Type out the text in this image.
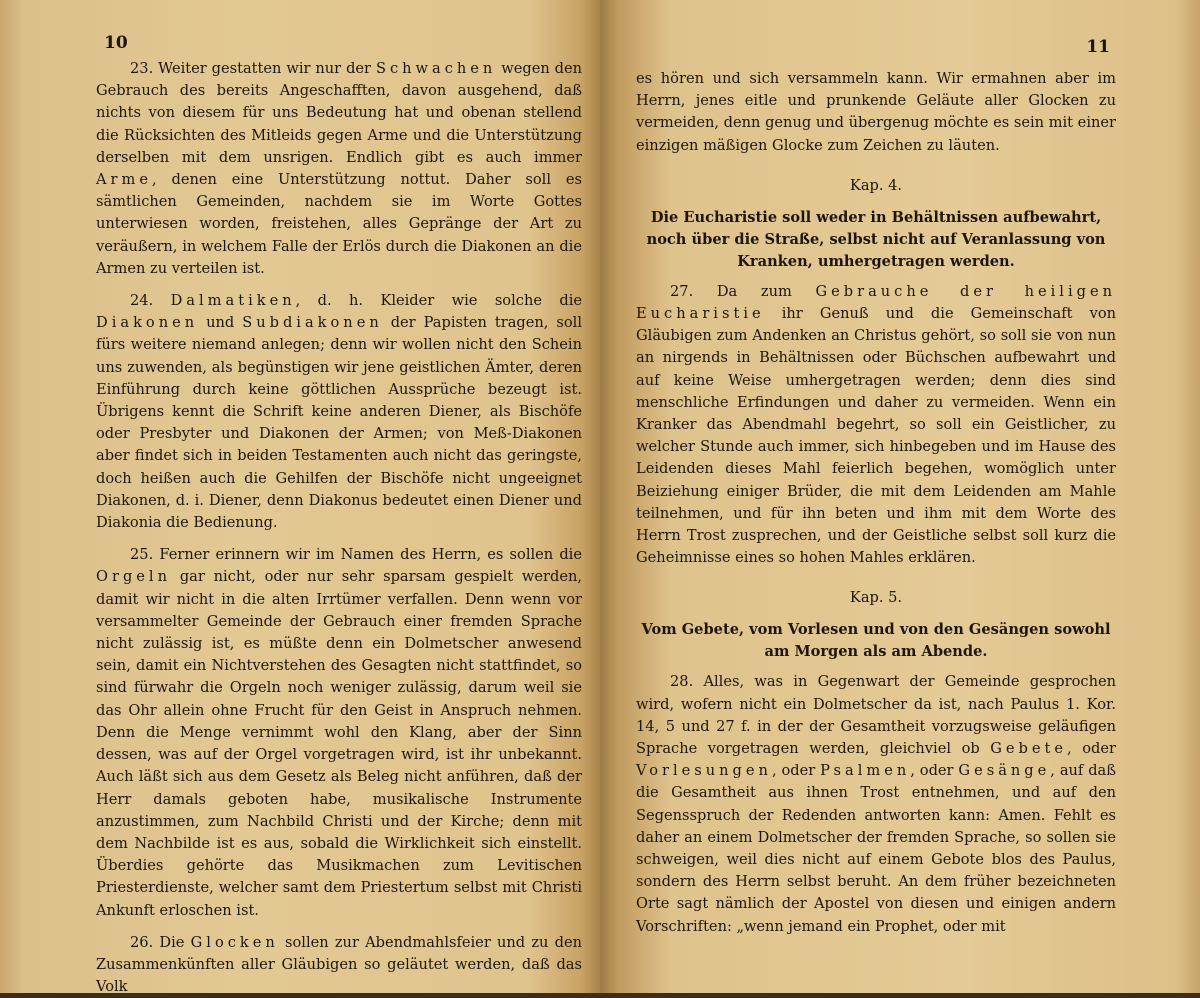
10

23. Weiter gestatten wir nur der Schwachen wegen den Gebrauch des bereits Angeschafften, davon ausgehend, daß nichts von diesem für uns Bedeutung hat und obenan stellend die Rücksichten des Mitleids gegen Arme und die Unterstützung derselben mit dem unsrigen. Endlich gibt es auch immer Arme, denen eine Unterstützung nottut. Daher soll es sämtlichen Gemeinden, nachdem sie im Worte Gottes unterwiesen worden, freistehen, alles Gepränge der Art zu veräußern, in welchem Falle der Erlös durch die Diakonen an die Armen zu verteilen ist.

24. Dalmatiken, d. h. Kleider wie solche die Diakonen und Subdiakonen der Papisten tragen, soll fürs weitere niemand anlegen; denn wir wollen nicht den Schein uns zuwenden, als begünstigen wir jene geistlichen Ämter, deren Einführung durch keine göttlichen Aussprüche bezeugt ist. Übrigens kennt die Schrift keine anderen Diener, als Bischöfe oder Presbyter und Diakonen der Armen; von Meß-Diakonen aber findet sich in beiden Testamenten auch nicht das geringste, doch heißen auch die Gehilfen der Bischöfe nicht ungeeignet Diakonen, d. i. Diener, denn Diakonus bedeutet einen Diener und Diakonia die Bedienung.

25. Ferner erinnern wir im Namen des Herrn, es sollen die Orgeln gar nicht, oder nur sehr sparsam gespielt werden, damit wir nicht in die alten Irrtümer verfallen. Denn wenn vor versammelter Gemeinde der Gebrauch einer fremden Sprache nicht zulässig ist, es müßte denn ein Dolmetscher anwesend sein, damit ein Nichtverstehen des Gesagten nicht stattfindet, so sind fürwahr die Orgeln noch weniger zulässig, darum weil sie das Ohr allein ohne Frucht für den Geist in Anspruch nehmen. Denn die Menge vernimmt wohl den Klang, aber der Sinn dessen, was auf der Orgel vorgetragen wird, ist ihr unbekannt. Auch läßt sich aus dem Gesetz als Beleg nicht anführen, daß der Herr damals geboten habe, musikalische Instrumente anzustimmen, zum Nachbild Christi und der Kirche; denn mit dem Nachbilde ist es aus, sobald die Wirklichkeit sich einstellt. Überdies gehörte das Musikmachen zum Levitischen Priesterdienste, welcher samt dem Priestertum selbst mit Christi Ankunft erloschen ist.

26. Die Glocken sollen zur Abendmahlsfeier und zu den Zusammenkünften aller Gläubigen so geläutet werden, daß das Volk

11

es hören und sich versammeln kann. Wir ermahnen aber im Herrn, jenes eitle und prunkende Geläute aller Glocken zu vermeiden, denn genug und übergenug möchte es sein mit einer einzigen mäßigen Glocke zum Zeichen zu läuten.

Kap. 4.
Die Eucharistie soll weder in Behältnissen aufbewahrt, noch über die Straße, selbst nicht auf Veranlassung von Kranken, umhergetragen werden.

27. Da zum Gebrauche der heiligen Eucharistie ihr Genuß und die Gemeinschaft von Gläubigen zum Andenken an Christus gehört, so soll sie von nun an nirgends in Behältnissen oder Büchschen aufbewahrt und auf keine Weise umhergetragen werden; denn dies sind menschliche Erfindungen und daher zu vermeiden. Wenn ein Kranker das Abendmahl begehrt, so soll ein Geistlicher, zu welcher Stunde auch immer, sich hinbegeben und im Hause des Leidenden dieses Mahl feierlich begehen, womöglich unter Beiziehung einiger Brüder, die mit dem Leidenden am Mahle teilnehmen, und für ihn beten und ihm mit dem Worte des Herrn Trost zusprechen, und der Geistliche selbst soll kurz die Geheimnisse eines so hohen Mahles erklären.

Kap. 5.
Vom Gebete, vom Vorlesen und von den Gesängen sowohl am Morgen als am Abende.

28. Alles, was in Gegenwart der Gemeinde gesprochen wird, wofern nicht ein Dolmetscher da ist, nach Paulus 1. Kor. 14, 5 und 27 f. in der der Gesamtheit vorzugsweise geläufigen Sprache vorgetragen werden, gleichviel ob Gebete, oder Vorlesungen, oder Psalmen, oder Gesänge, auf daß die Gesamtheit aus ihnen Trost entnehmen, und auf den Segensspruch der Redenden antworten kann: Amen. Fehlt es daher an einem Dolmetscher der fremden Sprache, so sollen sie schweigen, weil dies nicht auf einem Gebote blos des Paulus, sondern des Herrn selbst beruht. An dem früher bezeichneten Orte sagt nämlich der Apostel von diesen und einigen andern Vorschriften: „wenn jemand ein Prophet, oder mit
